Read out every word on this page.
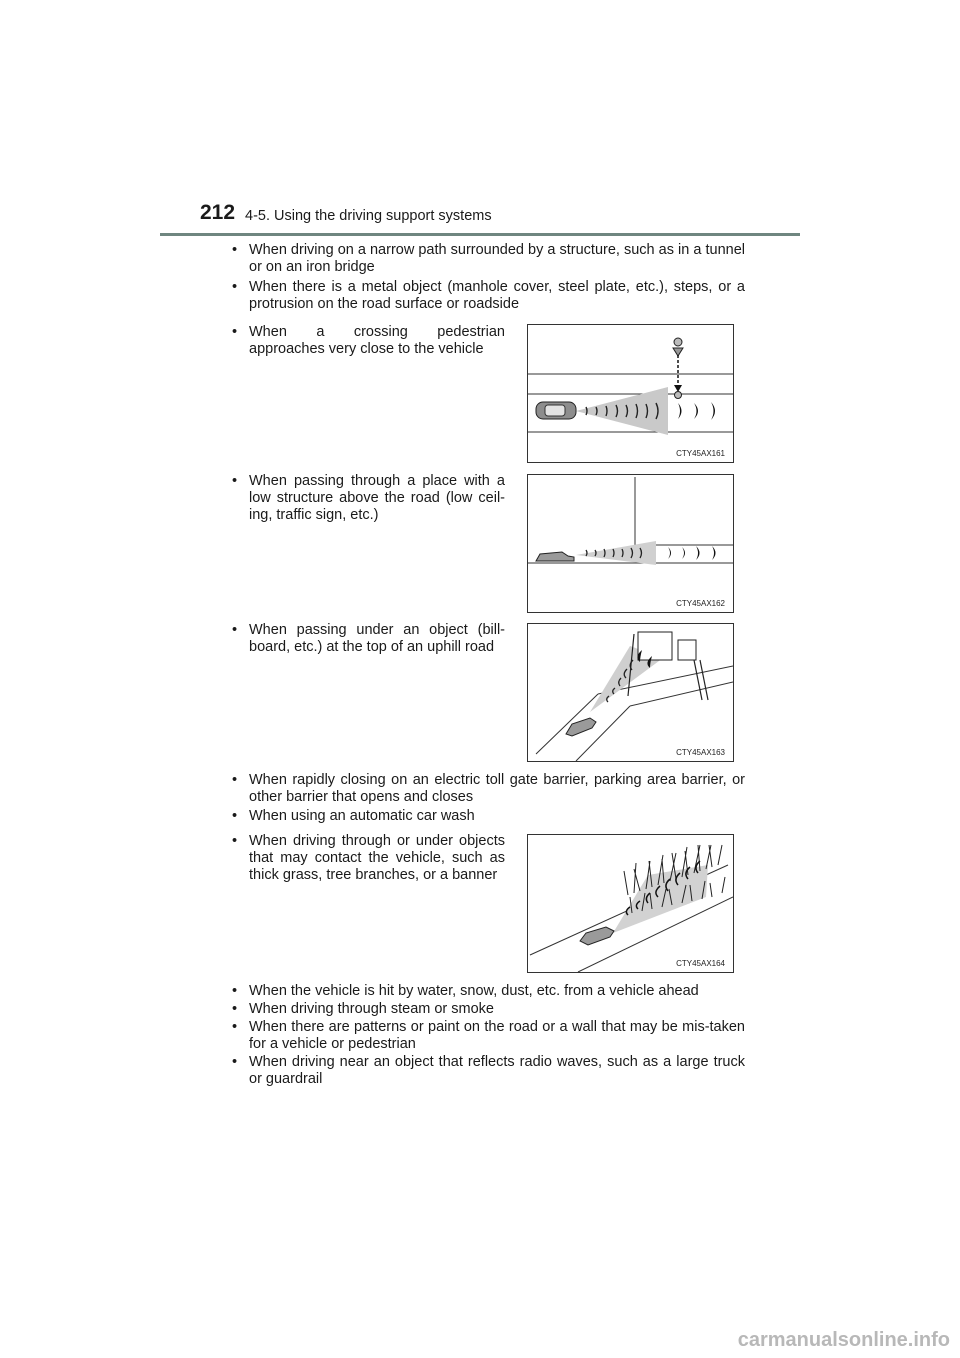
212 4-5. Using the driving support systems
• When driving on a narrow path surrounded by a structure, such as in a tunnel or on an iron bridge
• When there is a metal object (manhole cover, steel plate, etc.), steps, or a protrusion on the road surface or roadside
• When a crossing pedestrian approaches very close to the vehicle
CTY45AX161
• When passing through a place with a low structure above the road (low ceil-ing, traffic sign, etc.)
CTY45AX162
• When passing under an object (bill-board, etc.) at the top of an uphill road
CTY45AX163
• When rapidly closing on an electric toll gate barrier, parking area barrier, or other barrier that opens and closes
• When using an automatic car wash
• When driving through or under objects that may contact the vehicle, such as thick grass, tree branches, or a banner
CTY45AX164
• When the vehicle is hit by water, snow, dust, etc. from a vehicle ahead
• When driving through steam or smoke
• When there are patterns or paint on the road or a wall that may be mis-taken for a vehicle or pedestrian
• When driving near an object that reflects radio waves, such as a large truck or guardrail
carmanualsonline.info
